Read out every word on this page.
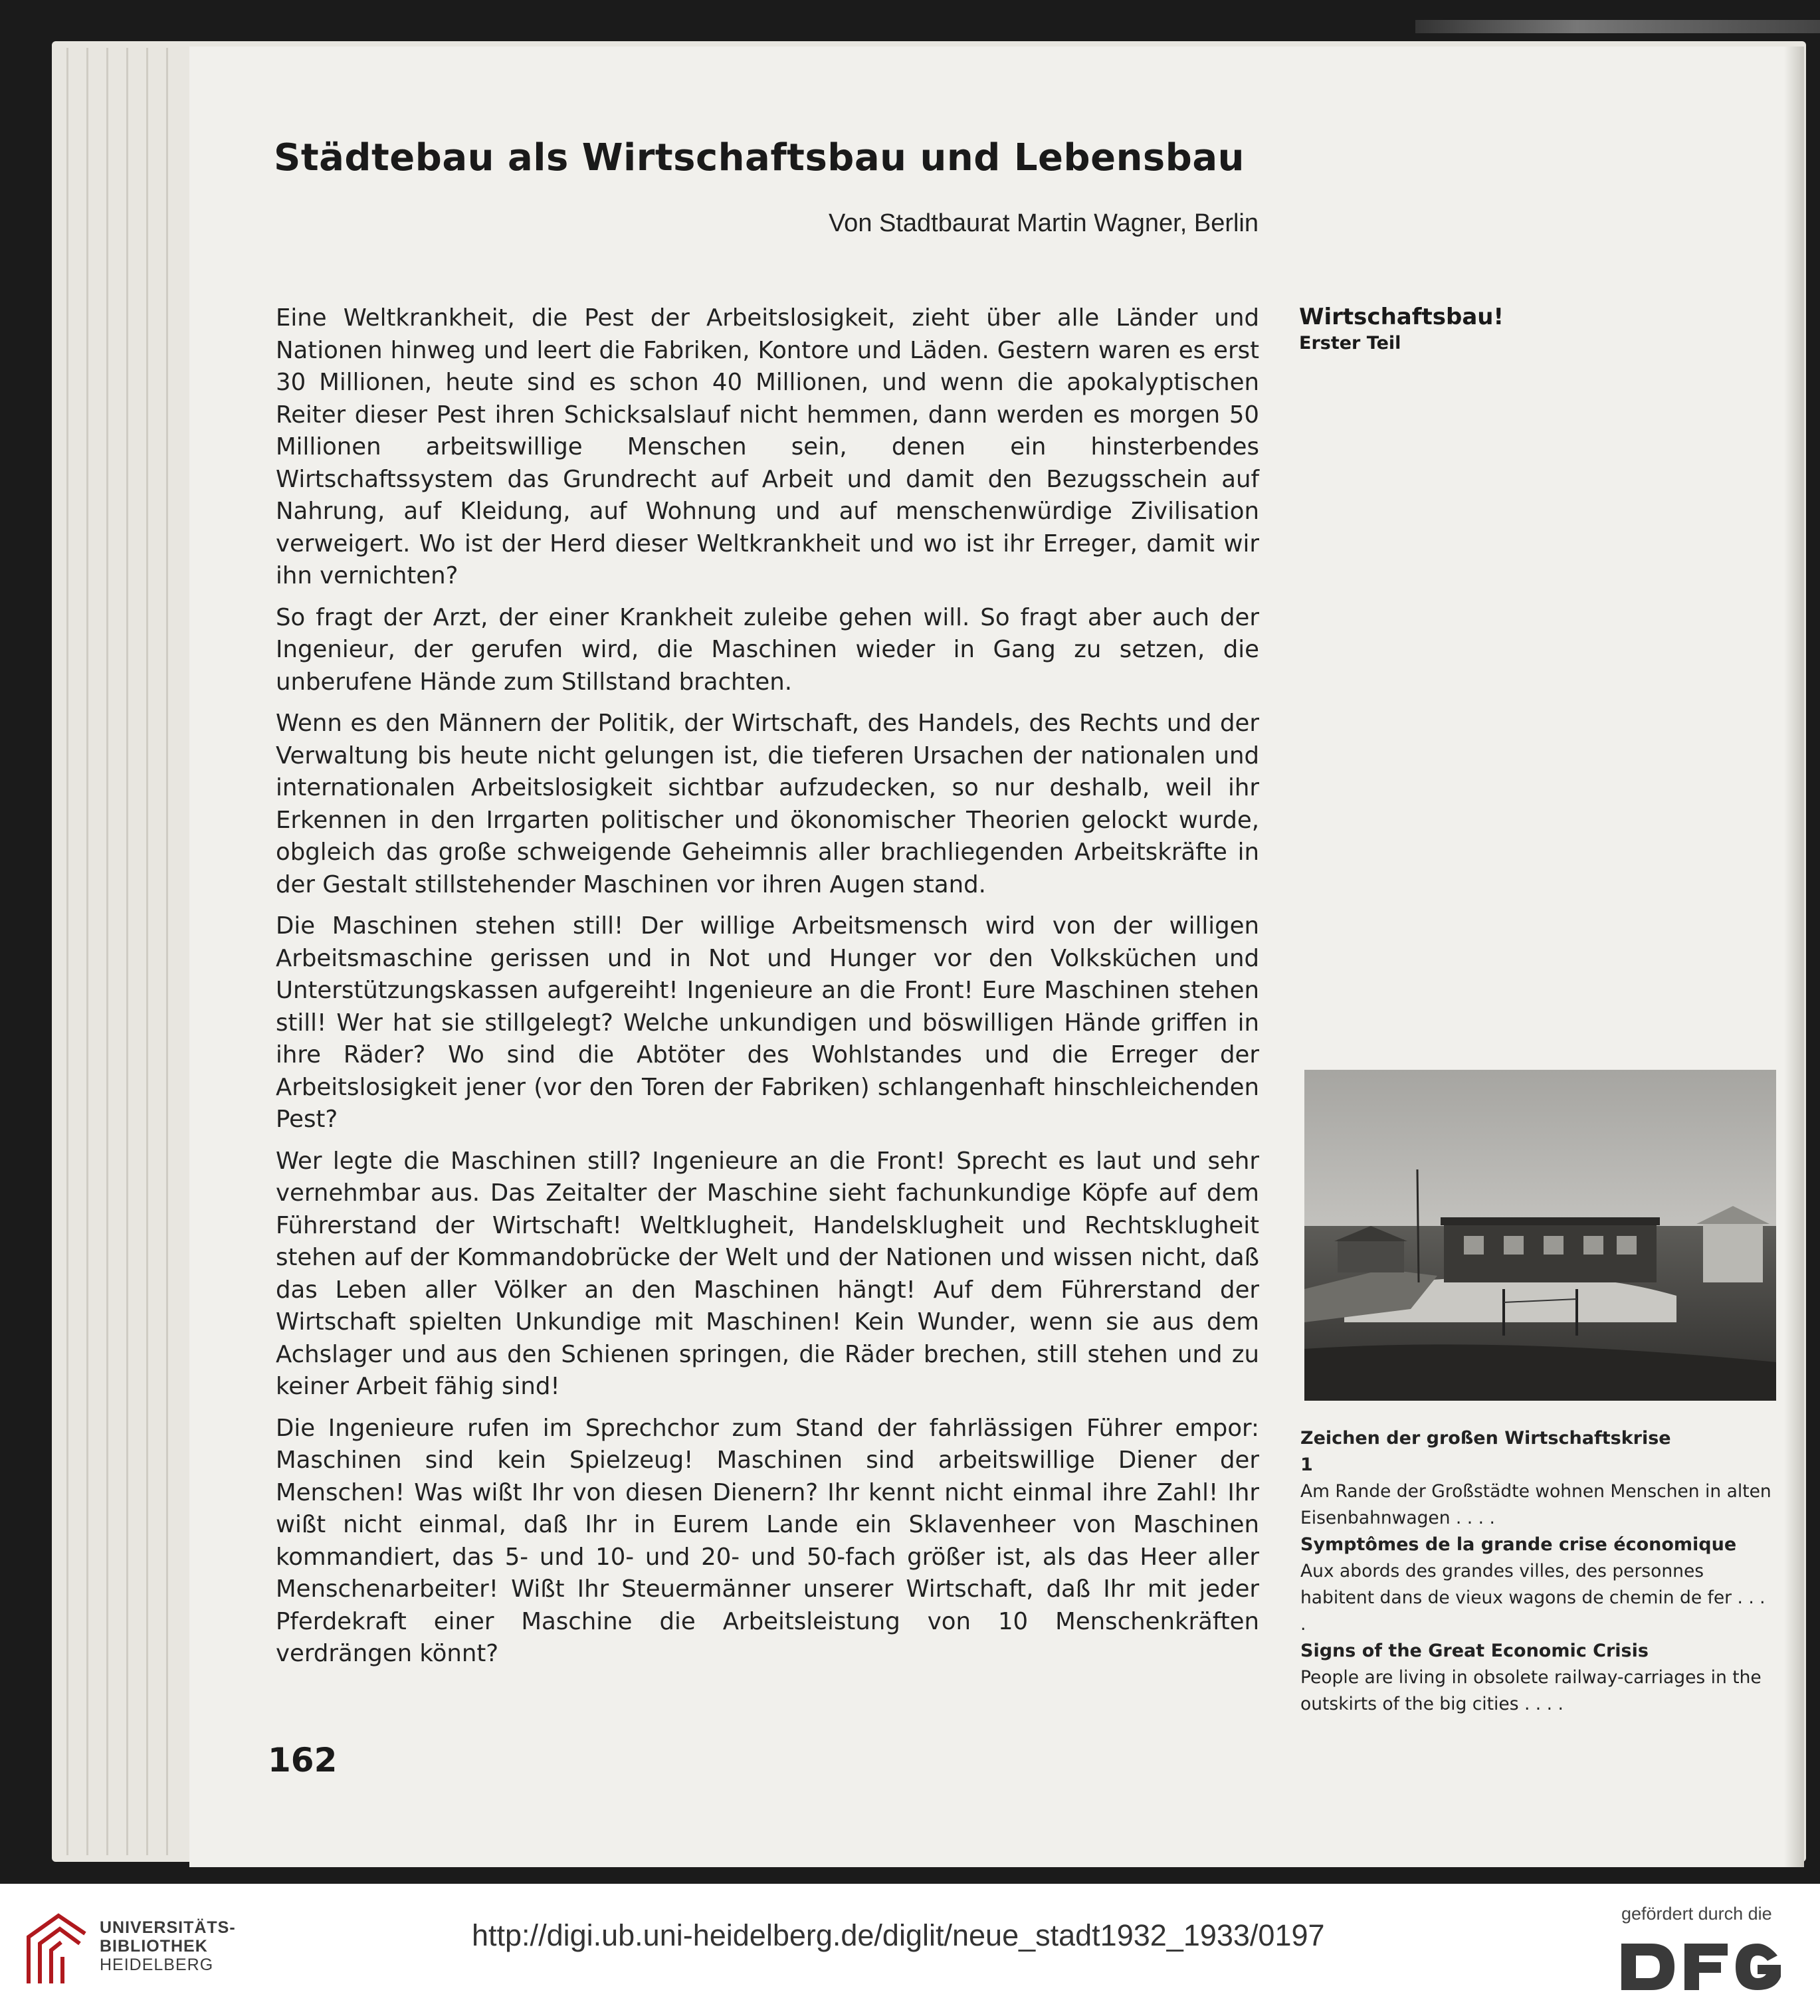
Städtebau als Wirtschaftsbau und Lebensbau
Von Stadtbaurat Martin Wagner, Berlin

Eine Weltkrankheit, die Pest der Arbeitslosigkeit, zieht über alle Länder und Nationen hinweg und leert die Fabriken, Kontore und Läden. Gestern waren es erst 30 Millionen, heute sind es schon 40 Millionen, und wenn die apokalyptischen Reiter dieser Pest ihren Schicksalslauf nicht hemmen, dann werden es morgen 50 Millionen arbeitswillige Menschen sein, denen ein hinsterbendes Wirtschaftssystem das Grundrecht auf Arbeit und damit den Bezugsschein auf Nahrung, auf Kleidung, auf Wohnung und auf menschenwürdige Zivilisation verweigert. Wo ist der Herd dieser Weltkrankheit und wo ist ihr Erreger, damit wir ihn vernichten?

So fragt der Arzt, der einer Krankheit zuleibe gehen will. So fragt aber auch der Ingenieur, der gerufen wird, die Maschinen wieder in Gang zu setzen, die unberufene Hände zum Stillstand brachten.

Wenn es den Männern der Politik, der Wirtschaft, des Handels, des Rechts und der Verwaltung bis heute nicht gelungen ist, die tieferen Ursachen der nationalen und internationalen Arbeitslosigkeit sichtbar aufzudecken, so nur deshalb, weil ihr Erkennen in den Irrgarten politischer und ökonomischer Theorien gelockt wurde, obgleich das große schweigende Geheimnis aller brachliegenden Arbeitskräfte in der Gestalt stillstehender Maschinen vor ihren Augen stand.

Die Maschinen stehen still! Der willige Arbeitsmensch wird von der willigen Arbeitsmaschine gerissen und in Not und Hunger vor den Volksküchen und Unterstützungskassen aufgereiht! Ingenieure an die Front! Eure Maschinen stehen still! Wer hat sie stillgelegt? Welche unkundigen und böswilligen Hände griffen in ihre Räder? Wo sind die Abtöter des Wohlstandes und die Erreger der Arbeitslosigkeit jener (vor den Toren der Fabriken) schlangenhaft hinschleichenden Pest?

Wer legte die Maschinen still? Ingenieure an die Front! Sprecht es laut und sehr vernehmbar aus. Das Zeitalter der Maschine sieht fachunkundige Köpfe auf dem Führerstand der Wirtschaft! Weltklugheit, Handelsklugheit und Rechtsklugheit stehen auf der Kommandobrücke der Welt und der Nationen und wissen nicht, daß das Leben aller Völker an den Maschinen hängt! Auf dem Führerstand der Wirtschaft spielten Unkundige mit Maschinen! Kein Wunder, wenn sie aus dem Achslager und aus den Schienen springen, die Räder brechen, still stehen und zu keiner Arbeit fähig sind!

Die Ingenieure rufen im Sprechchor zum Stand der fahrlässigen Führer empor: Maschinen sind kein Spielzeug! Maschinen sind arbeitswillige Diener der Menschen! Was wißt Ihr von diesen Dienern? Ihr kennt nicht einmal ihre Zahl! Ihr wißt nicht einmal, daß Ihr in Eurem Lande ein Sklavenheer von Maschinen kommandiert, das 5- und 10- und 20- und 50-fach größer ist, als das Heer aller Menschenarbeiter! Wißt Ihr Steuermänner unserer Wirtschaft, daß Ihr mit jeder Pferdekraft einer Maschine die Arbeitsleistung von 10 Menschenkräften verdrängen könnt?

Wirtschaftsbau!
Erster Teil
Zeichen der großen Wirtschaftskrise
1
Am Rande der Großstädte wohnen Menschen in alten Eisenbahnwagen . . . .
Symptômes de la grande crise économique
Aux abords des grandes villes, des personnes habitent dans de vieux wagons de chemin de fer . . . .
Signs of the Great Economic Crisis
People are living in obsolete railway-carriages in the outskirts of the big cities . . . .
162
UNIVERSITÄTS-
BIBLIOTHEK
HEIDELBERG
http://digi.ub.uni-heidelberg.de/diglit/neue_stadt1932_1933/0197
gefördert durch die
